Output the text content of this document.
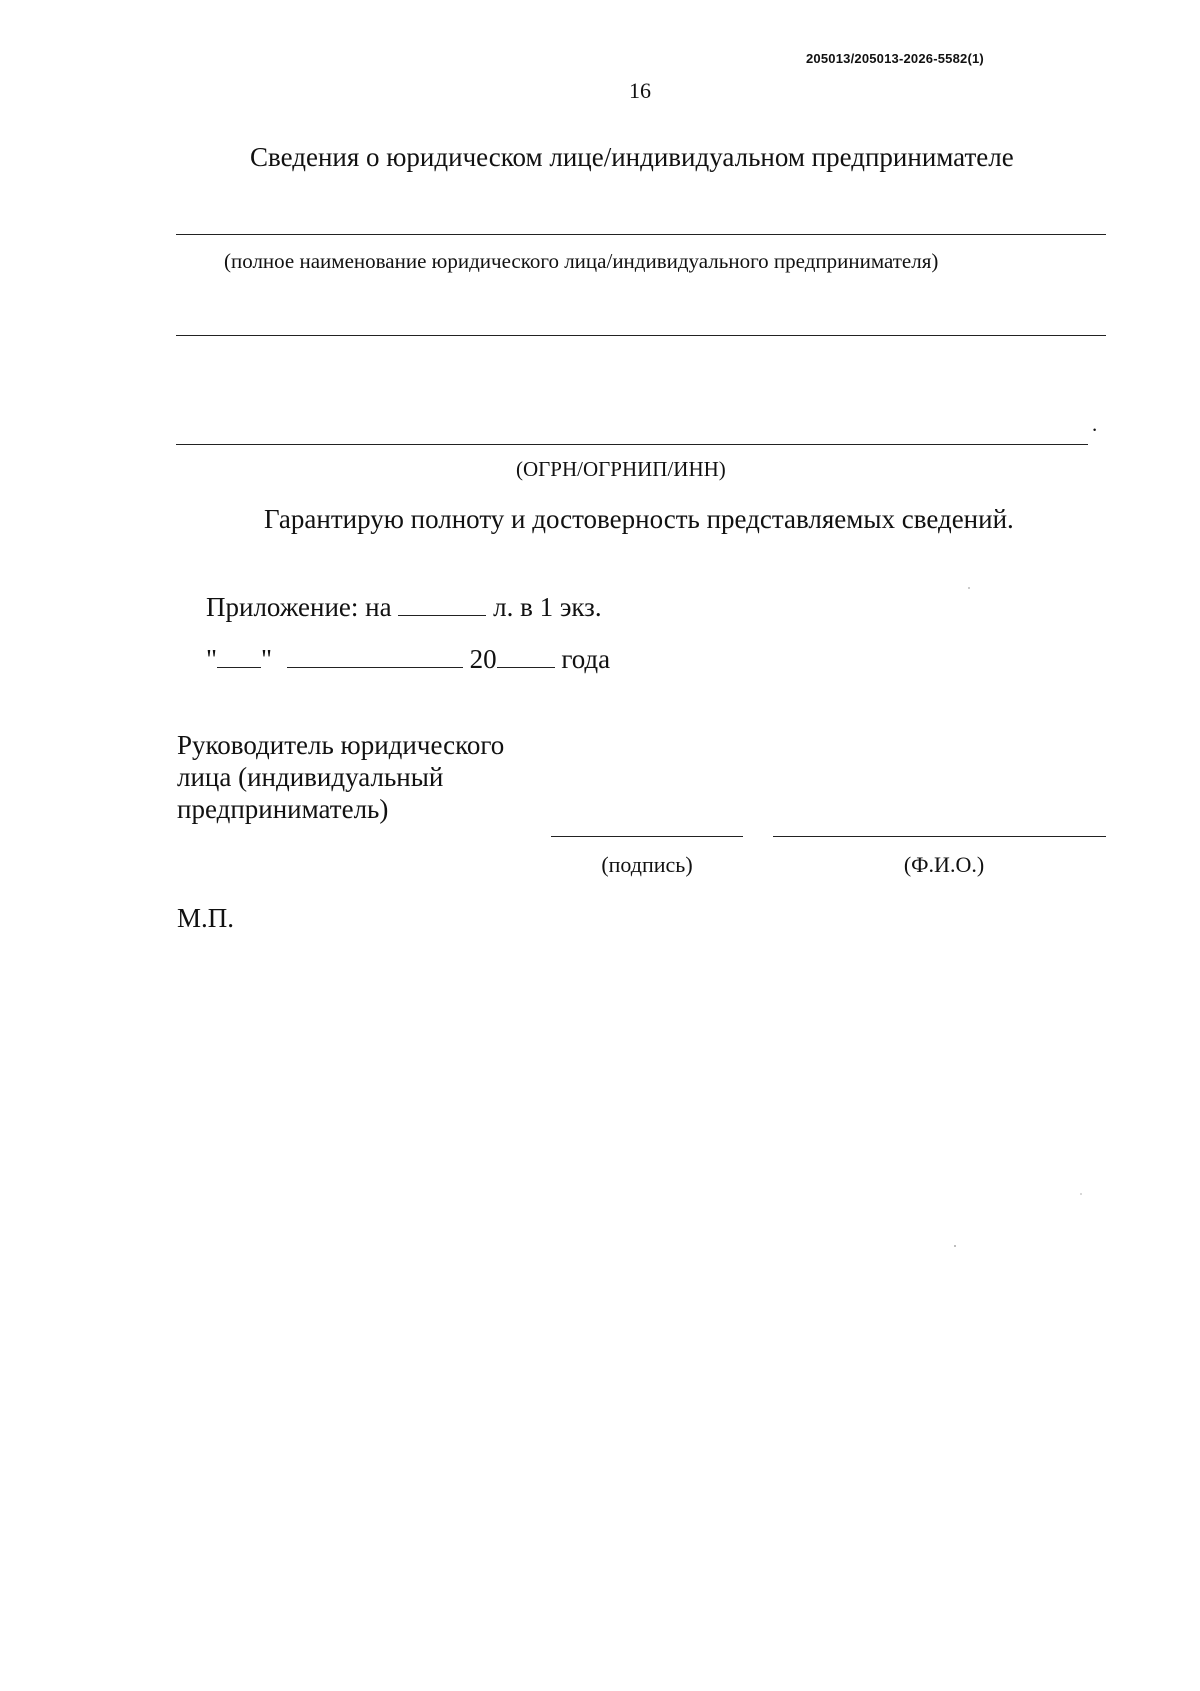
205013/205013-2026-5582(1)
16
Сведения о юридическом лице/индивидуальном предпринимателе
(полное наименование юридического лица/индивидуального предпринимателя)
.
(ОГРН/ОГРНИП/ИНН)
Гарантирую полноту и достоверность представляемых сведений.
Приложение: на	л. в 1 экз.
" "	20 года
Руководитель юридического
лица (индивидуальный
предприниматель)
(подпись)	(Ф.И.О.)
М.П.
